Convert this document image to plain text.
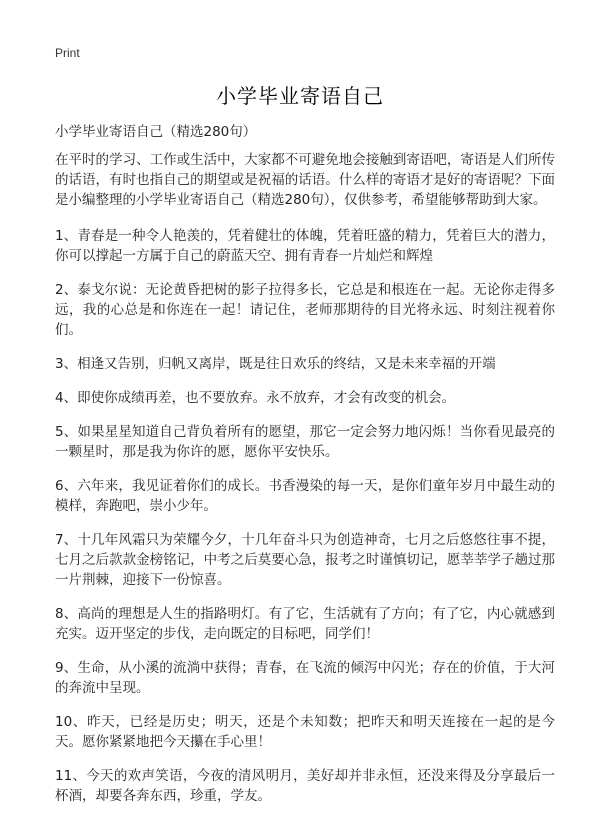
Print
小学毕业寄语自己
小学毕业寄语自己（精选280句）

在平时的学习、工作或生活中，大家都不可避免地会接触到寄语吧，寄语是人们所传的话语，有时也指自己的期望或是祝福的话语。什么样的寄语才是好的寄语呢？下面是小编整理的小学毕业寄语自己（精选280句），仅供参考，希望能够帮助到大家。

1、青春是一种令人艳羡的，凭着健壮的体魄，凭着旺盛的精力，凭着巨大的潜力，你可以撑起一方属于自己的蔚蓝天空、拥有青春一片灿烂和辉煌

2、泰戈尔说：无论黄昏把树的影子拉得多长，它总是和根连在一起。无论你走得多远，我的心总是和你连在一起！请记住，老师那期待的目光将永远、时刻注视着你们。

3、相逢又告别，归帆又离岸，既是往日欢乐的终结，又是未来幸福的开端

4、即使你成绩再差，也不要放弃。永不放弃，才会有改变的机会。

5、如果星星知道自己背负着所有的愿望，那它一定会努力地闪烁！当你看见最亮的一颗星时，那是我为你许的愿，愿你平安快乐。

6、六年来，我见证着你们的成长。书香漫染的每一天，是你们童年岁月中最生动的模样，奔跑吧，崇小少年。

7、十几年风霜只为荣耀今夕，十几年奋斗只为创造神奇，七月之后悠悠往事不提，七月之后款款金榜铭记，中考之后莫要心急，报考之时谨慎切记，愿莘莘学子趟过那一片荆棘，迎接下一份惊喜。

8、高尚的理想是人生的指路明灯。有了它，生活就有了方向；有了它，内心就感到充实。迈开坚定的步伐，走向既定的目标吧，同学们！

9、生命，从小溪的流淌中获得；青春，在飞流的倾泻中闪光；存在的价值，于大河的奔流中呈现。

10、昨天，已经是历史；明天，还是个未知数；把昨天和明天连接在一起的是今天。愿你紧紧地把今天攥在手心里！

11、今天的欢声笑语，今夜的清风明月，美好却并非永恒，还没来得及分享最后一杯酒，却要各奔东西，珍重，学友。
